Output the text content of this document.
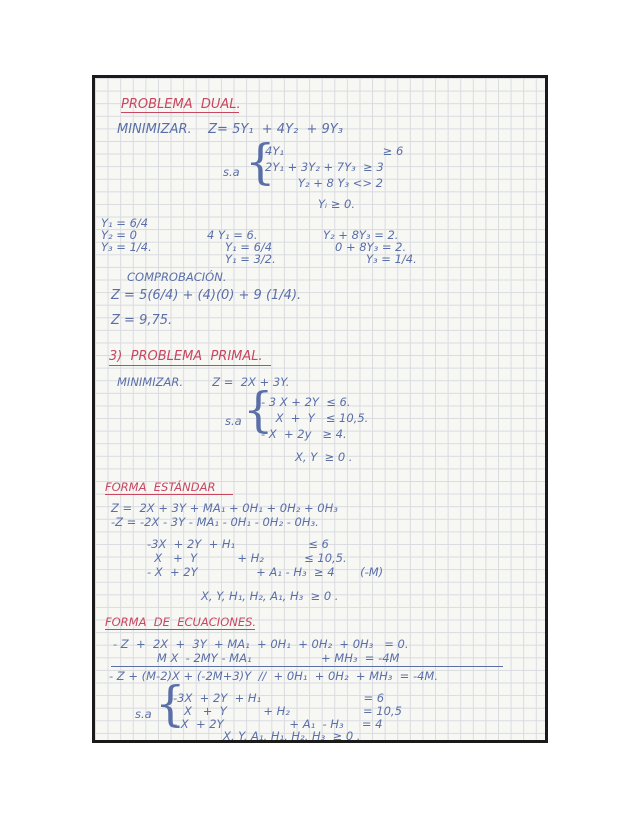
PROBLEMA  DUAL.
MINIMIZAR.    Z= 5Y₁  + 4Y₂  + 9Y₃
s.a {
4Y₁                           ≥ 6
2Y₁ + 3Y₂ + 7Y₃  ≥ 3
Y₂ + 8 Y₃ <> 2
Yᵢ ≥ 0.
Y₁ = 6/4
Y₂ = 0
Y₃ = 1/4.
4 Y₁ = 6.
Y₁ = 6/4
Y₁ = 3/2.
Y₂ + 8Y₃ = 2.
0 + 8Y₃ = 2.
Y₃ = 1/4.
COMPROBACIÓN.
Z = 5(6/4) + (4)(0) + 9 (1/4).
Z = 9,75.
3)  PROBLEMA  PRIMAL.
MINIMIZAR.        Z =  2X + 3Y.
s.a {
- 3 X + 2Y  ≤ 6.
X  +  Y   ≤ 10,5.
- X  + 2y   ≥ 4.
X, Y  ≥ 0 .
FORMA  ESTÁNDAR
Z =  2X + 3Y + MA₁ + 0H₁ + 0H₂ + 0H₃
-Z = -2X - 3Y - MA₁ - 0H₁ - 0H₂ - 0H₃.
-3X  + 2Y  + H₁                    ≤ 6
X   +  Y           + H₂           ≤ 10,5.
- X  + 2Y                + A₁ - H₃  ≥ 4       (-M)
X, Y, H₁, H₂, A₁, H₃  ≥ 0 .
FORMA  DE  ECUACIONES.
- Z  +  2X  +  3Y  + MA₁  + 0H₁  + 0H₂  + 0H₃   = 0.
M X  - 2MY - MA₁                   + MH₃  = -4M
- Z + (M-2)X + (-2M+3)Y  //  + 0H₁  + 0H₂  + MH₃  = -4M.
s.a {
-3X  + 2Y  + H₁                            = 6
X   +  Y          + H₂                    = 10,5
- X  + 2Y                  + A₁  - H₃     = 4
X, Y, A₁, H₁, H₂, H₃  ≥ 0 .
